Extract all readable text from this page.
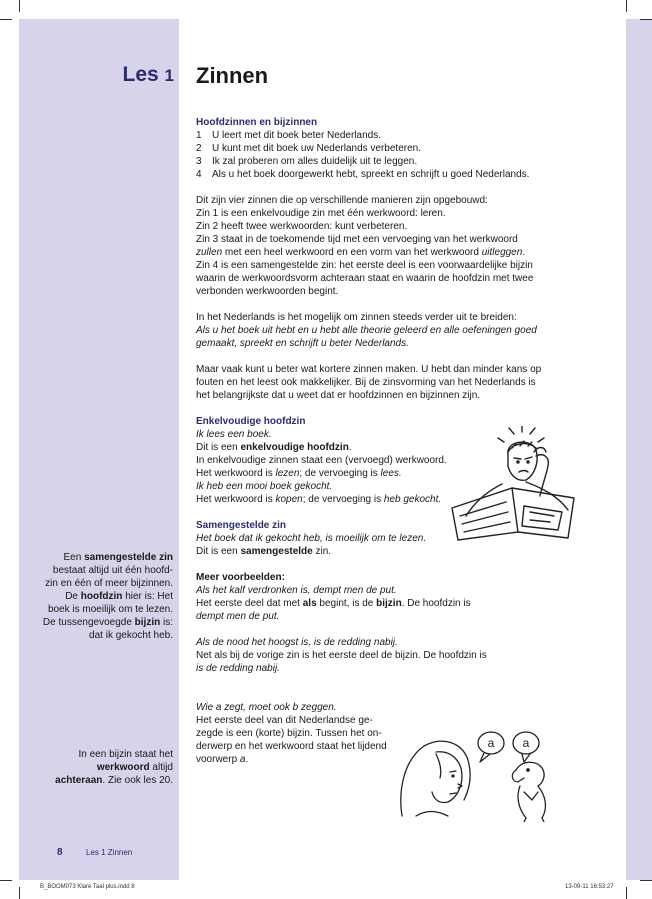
Les 1 Zinnen

Hoofdzinnen en bijzinnen

1	U leert met dit boek beter Nederlands.
2	U kunt met dit boek uw Nederlands verbeteren.
3	Ik zal proberen om alles duidelijk uit te leggen.
4	Als u het boek doorgewerkt hebt, spreekt en schrijft u goed Nederlands.

Dit zijn vier zinnen die op verschillende manieren zijn opgebouwd:

Zin 1 is een enkelvoudige zin met één werkwoord: leren.

Zin 2 heeft twee werkwoorden: kunt verbeteren.

Zin 3 staat in de toekomende tijd met een vervoeging van het werkwoord

zullen met een heel werkwoord en een vorm van het werkwoord uitleggen.

Zin 4 is een samengestelde zin: het eerste deel is een voorwaardelijke bijzin

waarin de werkwoordsvorm achteraan staat en waarin de hoofdzin met twee

verbonden werkwoorden begint.

In het Nederlands is het mogelijk om zinnen steeds verder uit te breiden:

Als u het boek uit hebt en u hebt alle theorie geleerd en alle oefeningen goed

gemaakt, spreekt en schrijft u beter Nederlands.

Maar vaak kunt u beter wat kortere zinnen maken. U hebt dan minder kans op

fouten en het leest ook makkelijker. Bij de zinsvorming van het Nederlands is

het belangrijkste dat u weet dat er hoofdzinnen en bijzinnen zijn.

Enkelvoudige hoofdzin

Ik lees een boek.

Dit is een enkelvoudige hoofdzin.

In enkelvoudige zinnen staat een (vervoegd) werkwoord.

Het werkwoord is lezen; de vervoeging is lees.

Ik heb een mooi boek gekocht.

Het werkwoord is kopen; de vervoeging is heb gekocht.

Samengestelde zin

Het boek dat ik gekocht heb, is moeilijk om te lezen.

Dit is een samengestelde zin.

Meer voorbeelden:

Als het kalf verdronken is, dempt men de put.

Het eerste deel dat met als begint, is de bijzin. De hoofdzin is

dempt men de put.

Als de nood het hoogst is, is de redding nabij.

Net als bij de vorige zin is het eerste deel de bijzin. De hoofdzin is

is de redding nabij.

Wie a zegt, moet ook b zeggen.

Het eerste deel van dit Nederlandse ge-

zegde is een (korte) bijzin. Tussen het on-

derwerp en het werkwoord staat het lijdend

voorwerp a.

Een samengestelde zin
bestaat altijd uit één hoofd-
zin en één of meer bijzinnen.
De hoofdzin hier is: Het
boek is moeilijk om te lezen.
De tussengevoegde bijzin is:
dat ik gekocht heb.
In een bijzin staat het
werkwoord altijd
achteraan. Zie ook les 20.
a a
8	Les 1 Zinnen
B_BOOM073 Klare Taal plus.indd 8	13-09-11 16:53:27
